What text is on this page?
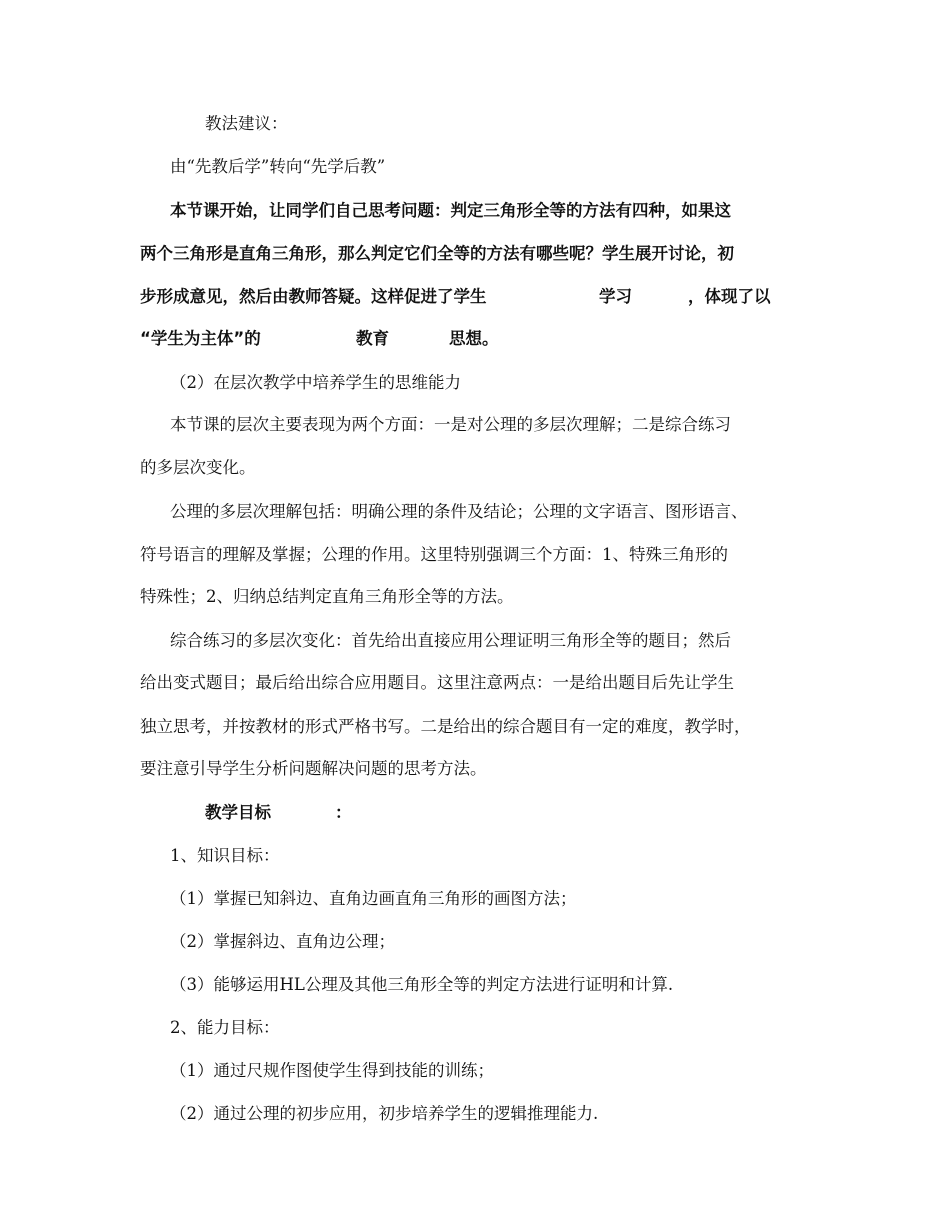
教法建议：
由“先教后学”转向“先学后教”
本节课开始，让同学们自己思考问题：判定三角形全等的方法有四种，如果这
两个三角形是直角三角形，那么判定它们全等的方法有哪些呢？学生展开讨论，初
步形成意见，然后由教师答疑。这样促进了学生	学习	，体现了以
“学生为主体”的	教育	思想。
（2）在层次教学中培养学生的思维能力
本节课的层次主要表现为两个方面：一是对公理的多层次理解；二是综合练习
的多层次变化。
公理的多层次理解包括：明确公理的条件及结论；公理的文字语言、图形语言、
符号语言的理解及掌握；公理的作用。这里特别强调三个方面：1、特殊三角形的
特殊性；2、归纳总结判定直角三角形全等的方法。
综合练习的多层次变化：首先给出直接应用公理证明三角形全等的题目；然后
给出变式题目；最后给出综合应用题目。这里注意两点：一是给出题目后先让学生
独立思考，并按教材的形式严格书写。二是给出的综合题目有一定的难度，教学时，
要注意引导学生分析问题解决问题的思考方法。
教学目标	：
1、知识目标：
（1）掌握已知斜边、直角边画直角三角形的画图方法；
（2）掌握斜边、直角边公理；
（3）能够运用HL公理及其他三角形全等的判定方法进行证明和计算.
2、能力目标：
（1）通过尺规作图使学生得到技能的训练；
（2）通过公理的初步应用，初步培养学生的逻辑推理能力.
